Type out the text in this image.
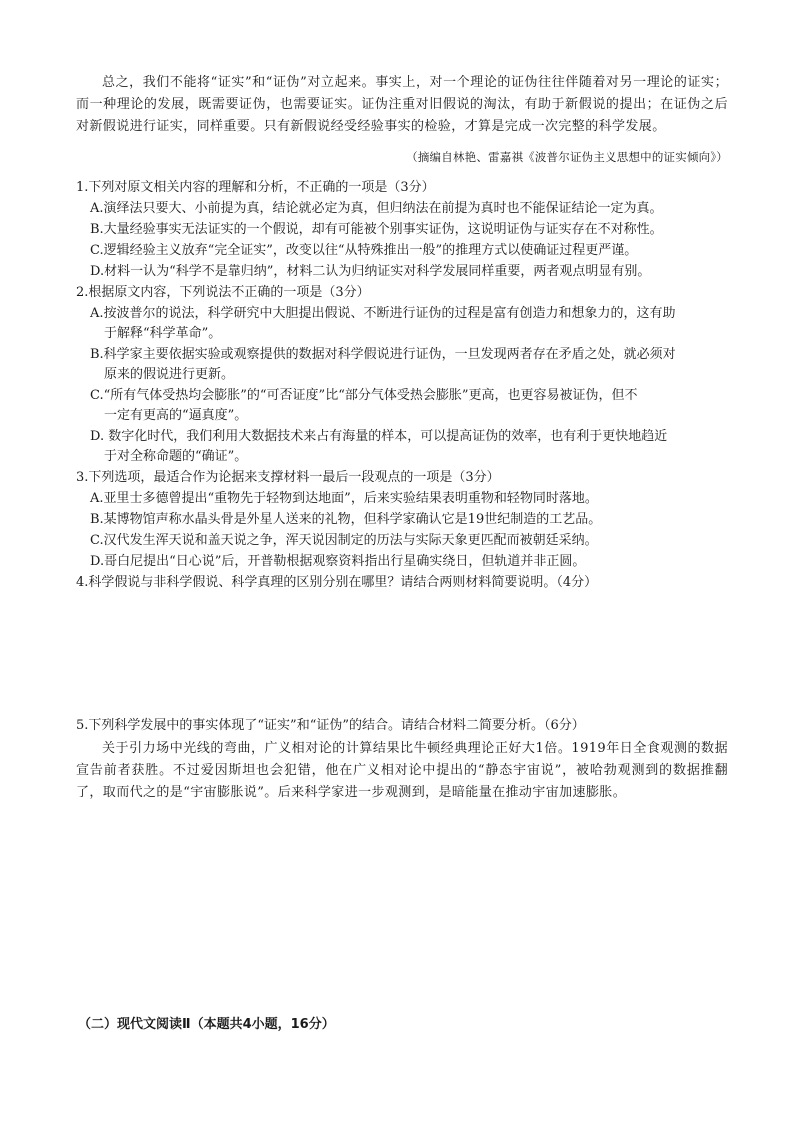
总之，我们不能将“证实”和“证伪”对立起来。事实上，对一个理论的证伪往往伴随着对另一理论的证实；而一种理论的发展，既需要证伪，也需要证实。证伪注重对旧假说的淘汰，有助于新假说的提出；在证伪之后对新假说进行证实，同样重要。只有新假说经受经验事实的检验，才算是完成一次完整的科学发展。
（摘编自林艳、雷嘉祺《波普尔证伪主义思想中的证实倾向》）
1.下列对原文相关内容的理解和分析，不正确的一项是（3分）
A.演绎法只要大、小前提为真，结论就必定为真，但归纳法在前提为真时也不能保证结论一定为真。
B.大量经验事实无法证实的一个假说，却有可能被个别事实证伪，这说明证伪与证实存在不对称性。
C.逻辑经验主义放弃“完全证实”，改变以往“从特殊推出一般”的推理方式以使确证过程更严谨。
D.材料一认为“科学不是靠归纳”，材料二认为归纳证实对科学发展同样重要，两者观点明显有别。
2.根据原文内容，下列说法不正确的一项是（3分）
A.按波普尔的说法，科学研究中大胆提出假说、不断进行证伪的过程是富有创造力和想象力的，这有助
于解释“科学革命”。
B.科学家主要依据实验或观察提供的数据对科学假说进行证伪，一旦发现两者存在矛盾之处，就必须对
原来的假说进行更新。
C.“所有气体受热均会膨胀”的“可否证度”比“部分气体受热会膨胀”更高，也更容易被证伪，但不
一定有更高的“逼真度”。
D. 数字化时代，我们利用大数据技术来占有海量的样本，可以提高证伪的效率，也有利于更快地趋近
于对全称命题的“确证”。
3.下列选项，最适合作为论据来支撑材料一最后一段观点的一项是（3分）
A.亚里士多德曾提出“重物先于轻物到达地面”，后来实验结果表明重物和轻物同时落地。
B.某博物馆声称水晶头骨是外星人送来的礼物，但科学家确认它是19世纪制造的工艺品。
C.汉代发生浑天说和盖天说之争，浑天说因制定的历法与实际天象更匹配而被朝廷采纳。
D.哥白尼提出“日心说”后，开普勒根据观察资料指出行星确实绕日，但轨道并非正圆。
4.科学假说与非科学假说、科学真理的区别分别在哪里？请结合两则材料简要说明。（4分）
5.下列科学发展中的事实体现了“证实”和“证伪”的结合。请结合材料二简要分析。（6分）
关于引力场中光线的弯曲，广义相对论的计算结果比牛顿经典理论正好大1倍。1919年日全食观测的数据宣告前者获胜。不过爱因斯坦也会犯错，他在广义相对论中提出的“静态宇宙说”，被哈勃观测到的数据推翻了，取而代之的是“宇宙膨胀说”。后来科学家进一步观测到，是暗能量在推动宇宙加速膨胀。
（二）现代文阅读Ⅱ（本题共4小题，16分）
